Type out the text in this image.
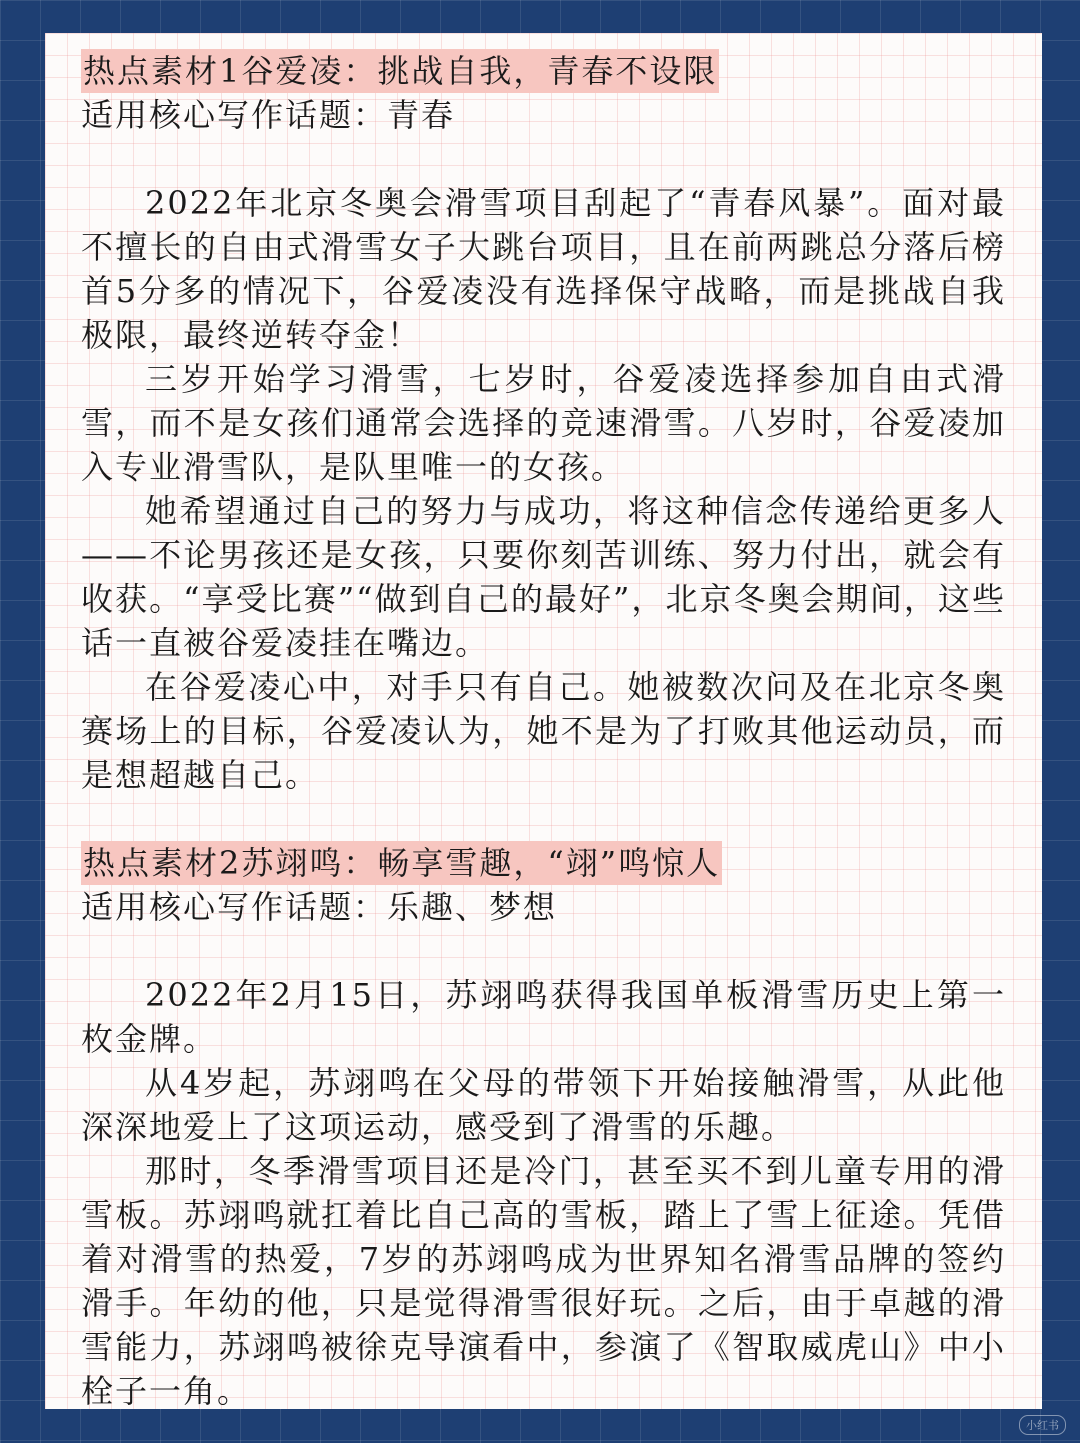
热点素材1谷爱凌：挑战自我，青春不设限

适用核心写作话题：青春

2022年北京冬奥会滑雪项目刮起了“青春风暴”。面对最不擅长的自由式滑雪女子大跳台项目，且在前两跳总分落后榜首5分多的情况下，谷爱凌没有选择保守战略，而是挑战自我极限，最终逆转夺金！

三岁开始学习滑雪，七岁时，谷爱凌选择参加自由式滑雪，而不是女孩们通常会选择的竞速滑雪。八岁时，谷爱凌加入专业滑雪队，是队里唯一的女孩。

她希望通过自己的努力与成功，将这种信念传递给更多人——不论男孩还是女孩，只要你刻苦训练、努力付出，就会有收获。“享受比赛”“做到自己的最好”，北京冬奥会期间，这些话一直被谷爱凌挂在嘴边。

在谷爱凌心中，对手只有自己。她被数次问及在北京冬奥赛场上的目标，谷爱凌认为，她不是为了打败其他运动员，而是想超越自己。

热点素材2苏翊鸣：畅享雪趣，“翊”鸣惊人

适用核心写作话题：乐趣、梦想

2022年2月15日，苏翊鸣获得我国单板滑雪历史上第一枚金牌。

从4岁起，苏翊鸣在父母的带领下开始接触滑雪，从此他深深地爱上了这项运动，感受到了滑雪的乐趣。

那时，冬季滑雪项目还是冷门，甚至买不到儿童专用的滑雪板。苏翊鸣就扛着比自己高的雪板，踏上了雪上征途。凭借着对滑雪的热爱，7岁的苏翊鸣成为世界知名滑雪品牌的签约滑手。年幼的他，只是觉得滑雪很好玩。之后，由于卓越的滑雪能力，苏翊鸣被徐克导演看中，参演了《智取威虎山》中小栓子一角。

小红书
